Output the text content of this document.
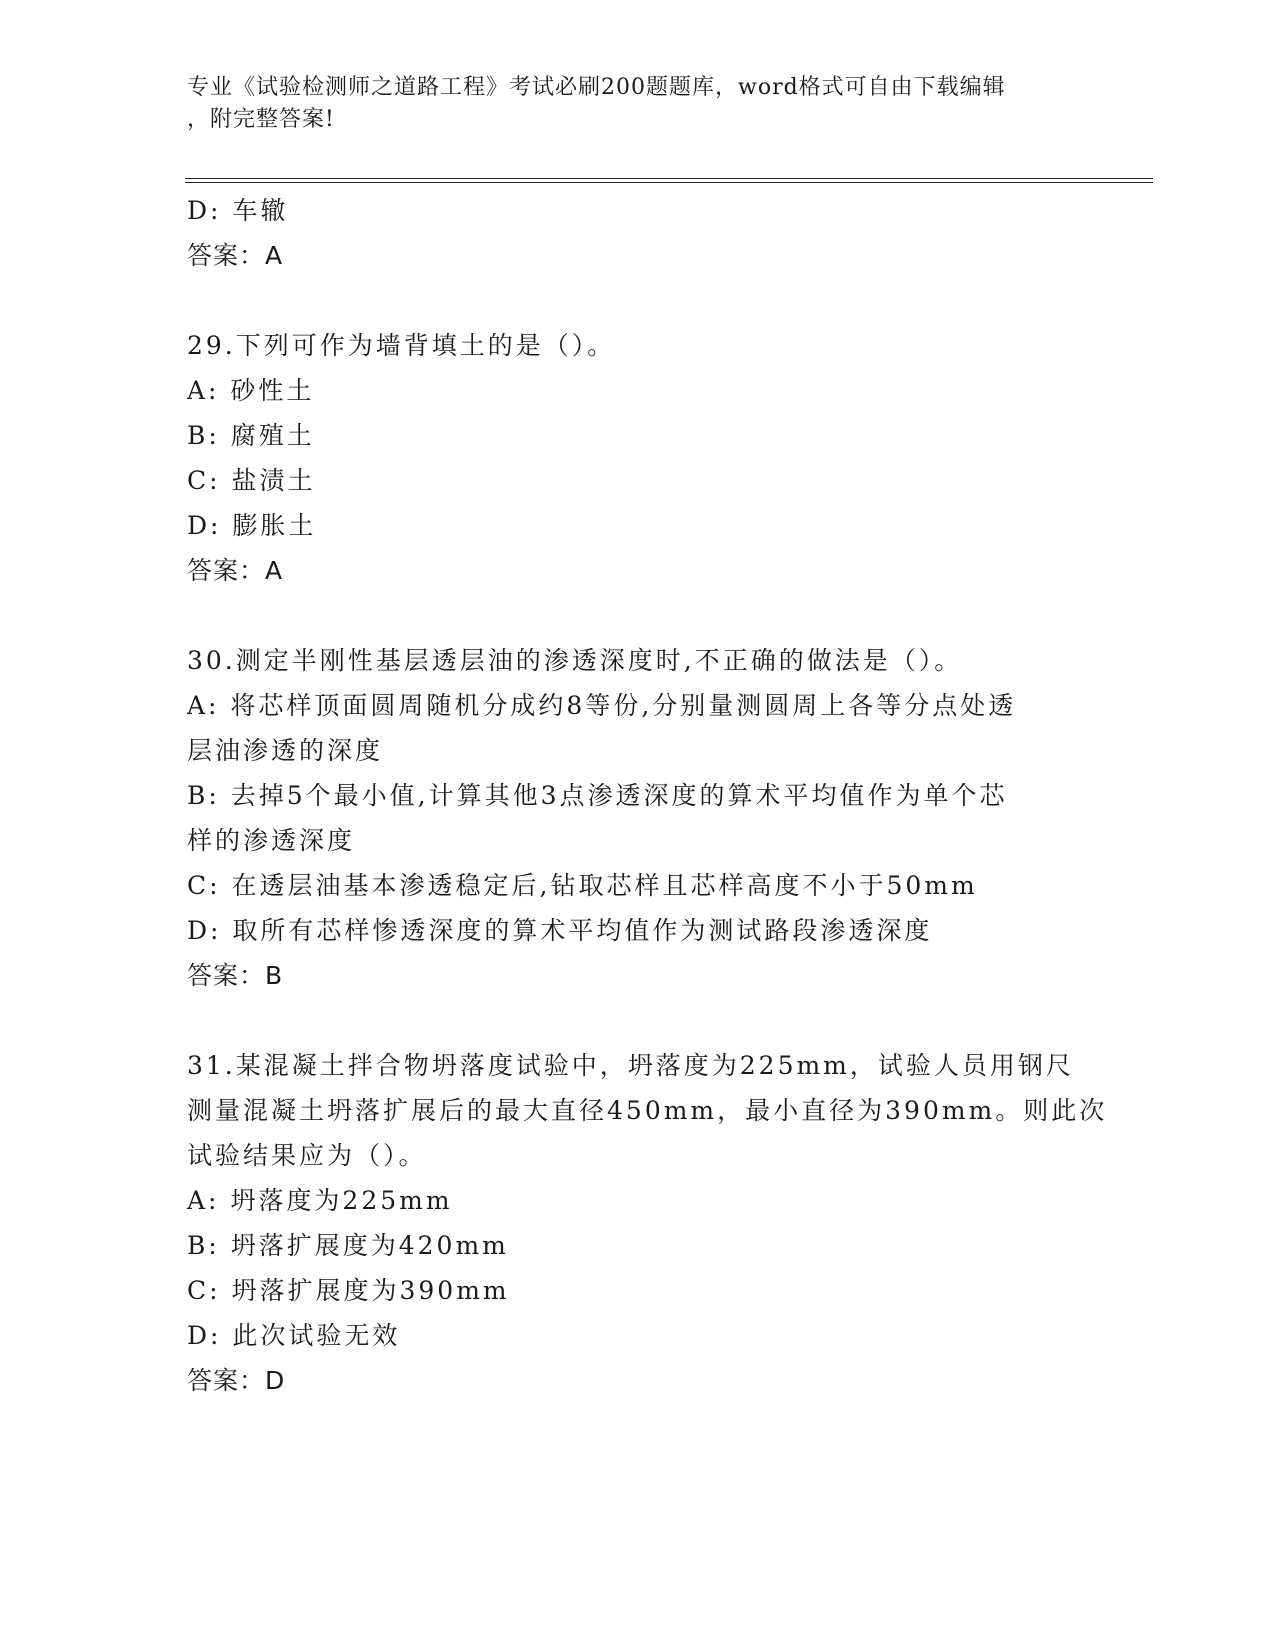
专业《试验检测师之道路工程》考试必刷200题题库，word格式可自由下载编辑
，附完整答案!
D: 车辙
答案：A
29.下列可作为墙背填土的是（）。
A: 砂性土
B: 腐殖土
C: 盐渍土
D: 膨胀土
答案：A
30.测定半刚性基层透层油的渗透深度时,不正确的做法是（）。
A: 将芯样顶面圆周随机分成约8等份,分别量测圆周上各等分点处透
层油渗透的深度
B: 去掉5个最小值,计算其他3点渗透深度的算术平均值作为单个芯
样的渗透深度
C: 在透层油基本渗透稳定后,钻取芯样且芯样高度不小于50mm
D: 取所有芯样惨透深度的算术平均值作为测试路段渗透深度
答案：B
31.某混凝土拌合物坍落度试验中，坍落度为225mm，试验人员用钢尺
测量混凝土坍落扩展后的最大直径450mm，最小直径为390mm。则此次
试验结果应为（）。
A: 坍落度为225mm
B: 坍落扩展度为420mm
C: 坍落扩展度为390mm
D: 此次试验无效
答案：D
